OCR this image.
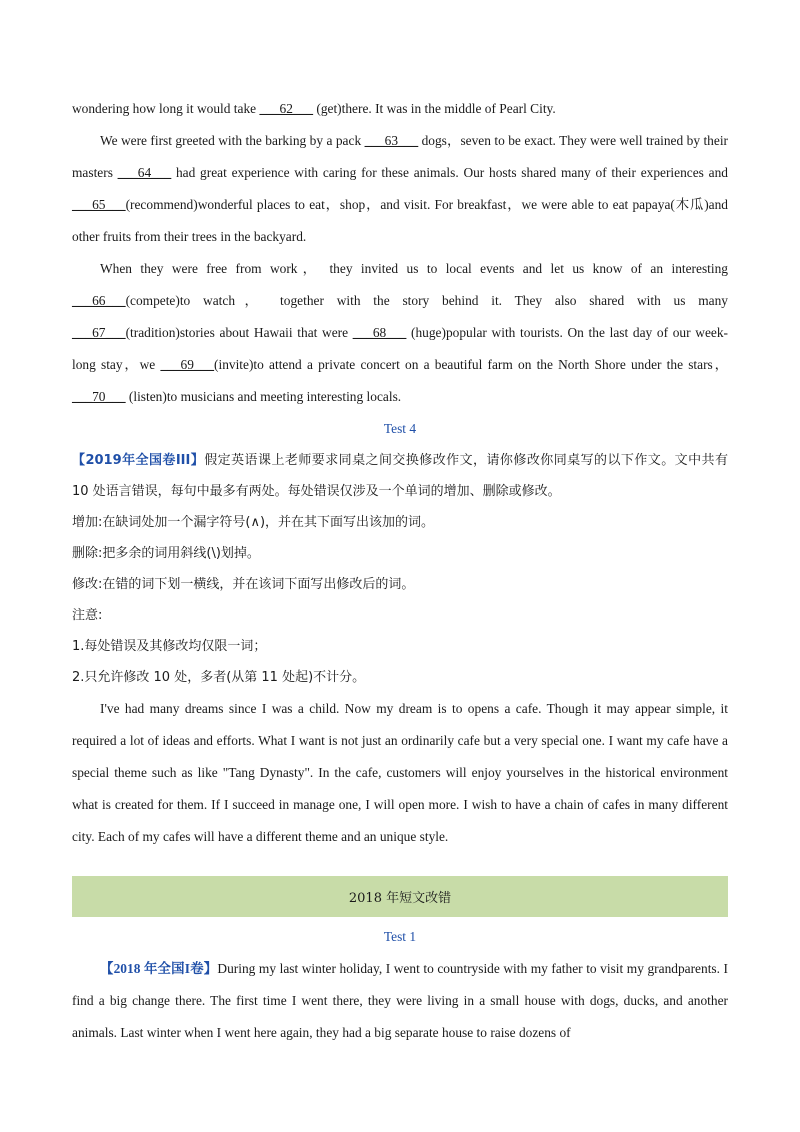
wondering how long it would take ___62___ (get)there. It was in the middle of Pearl City.

We were first greeted with the barking by a pack ___63___ dogs，seven to be exact. They were well trained by their masters ___64___ had great experience with caring for these animals. Our hosts shared many of their experiences and ___65___(recommend)wonderful places to eat，shop，and visit. For breakfast，we were able to eat papaya(木瓜)and other fruits from their trees in the backyard.

When they were free from work， they invited us to local events and let us know of an interesting ___66___(compete)to watch， together with the story behind it. They also shared with us many ___67___(tradition)stories about Hawaii that were ___68___ (huge)popular with tourists. On the last day of our week-long stay，we ___69___(invite)to attend a private concert on a beautiful farm on the North Shore under the stars，___70___ (listen)to musicians and meeting interesting locals.

Test 4

【2019年全国卷III】假定英语课上老师要求同桌之间交换修改作文，请你修改你同桌写的以下作文。文中共有 10 处语言错误，每句中最多有两处。每处错误仅涉及一个单词的增加、删除或修改。

增加:在缺词处加一个漏字符号(∧)，并在其下面写出该加的词。

删除:把多余的词用斜线(\)划掉。

修改:在错的词下划一横线，并在该词下面写出修改后的词。

注意:

1.每处错误及其修改均仅限一词；

2.只允许修改 10 处，多者(从第 11 处起)不计分。

I've had many dreams since I was a child. Now my dream is to opens a cafe. Though it may appear simple, it required a lot of ideas and efforts. What I want is not just an ordinarily cafe but a very special one. I want my cafe have a special theme such as like "Tang Dynasty". In the cafe, customers will enjoy yourselves in the historical environment what is created for them. If I succeed in manage one, I will open more. I wish to have a chain of cafes in many different city. Each of my cafes will have a different theme and an unique style.

2018 年短文改错
Test 1

【2018 年全国I卷】During my last winter holiday, I went to countryside with my father to visit my grandparents. I find a big change there. The first time I went there, they were living in a small house with dogs, ducks, and another animals. Last winter when I went here again, they had a big separate house to raise dozens of
